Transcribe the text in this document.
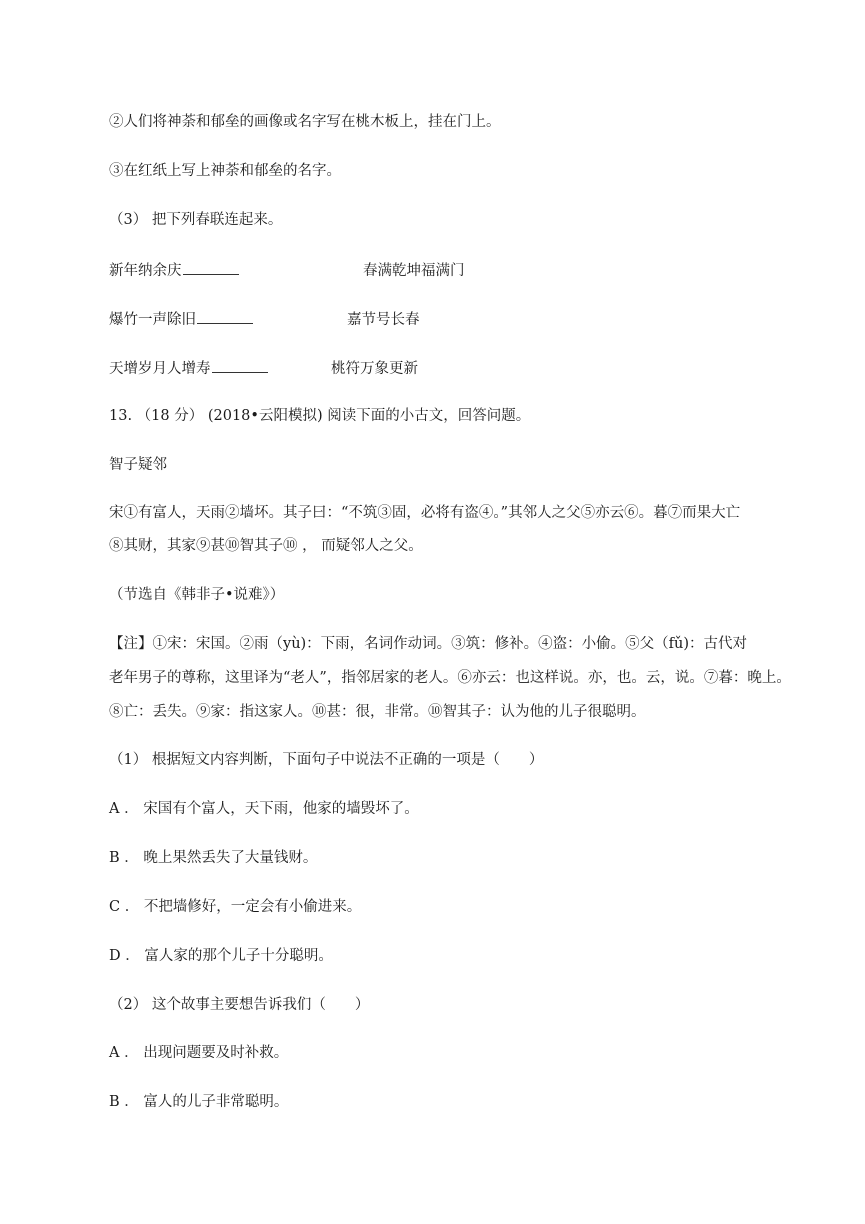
②人们将神荼和郁垒的画像或名字写在桃木板上，挂在门上。
③在红纸上写上神荼和郁垒的名字。
（3） 把下列春联连起来。
新年纳余庆	春满乾坤福满门
爆竹一声除旧	嘉节号长春
天增岁月人增寿	桃符万象更新
13. （18 分） (2018•云阳模拟) 阅读下面的小古文，回答问题。
智子疑邻
宋①有富人，天雨②墙坏。其子曰：“不筑③固，必将有盗④。”其邻人之父⑤亦云⑥。暮⑦而果大亡
⑧其财，其家⑨甚⑩智其子⑩ ， 而疑邻人之父。
（节选自《韩非子•说难》）
【注】①宋：宋国。②雨（yù)：下雨，名词作动词。③筑：修补。④盗：小偷。⑤父（fǔ)：古代对
老年男子的尊称，这里译为“老人”，指邻居家的老人。⑥亦云：也这样说。亦，也。云，说。⑦暮：晚上。
⑧亡：丢失。⑨家：指这家人。⑩甚：很，非常。⑩智其子：认为他的儿子很聪明。
（1） 根据短文内容判断，下面句子中说法不正确的一项是（　　）
A ． 宋国有个富人，天下雨，他家的墙毁坏了。
B ． 晚上果然丢失了大量钱财。
C ． 不把墙修好，一定会有小偷进来。
D ． 富人家的那个儿子十分聪明。
（2） 这个故事主要想告诉我们（　　）
A ． 出现问题要及时补救。
B ． 富人的儿子非常聪明。
